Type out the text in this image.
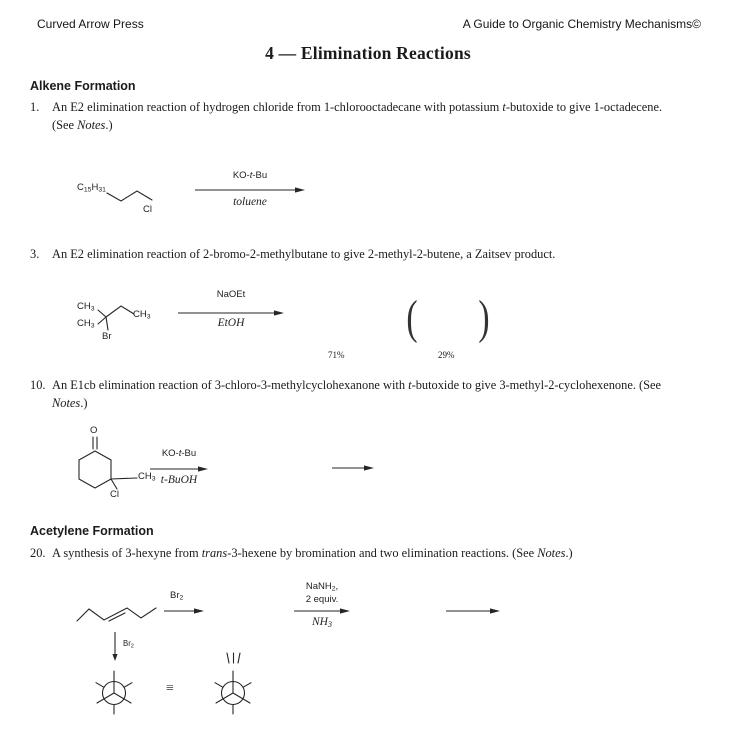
Curved Arrow Press	A Guide to Organic Chemistry Mechanisms©
4 — Elimination Reactions
Alkene Formation
1. An E2 elimination reaction of hydrogen chloride from 1-chlorooctadecane with potassium t-butoxide to give 1-octadecene.
(See Notes.)
C15H31
Cl
KO-t-Bu
toluene
3. An E2 elimination reaction of 2-bromo-2-methylbutane to give 2-methyl-2-butene, a Zaitsev product.
CH3
CH3
Br
CH3
NaOEt
EtOH
71%
( )
29%
10. An E1cb elimination reaction of 3-chloro-3-methylcyclohexanone with t-butoxide to give 3-methyl-2-cyclohexenone. (See
Notes.)
O
CH3
Cl
KO-t-Bu
t-BuOH
Acetylene Formation
20. A synthesis of 3-hexyne from trans-3-hexene by bromination and two elimination reactions. (See Notes.)
Br2
NaNH2,
2 equiv.
NH3
Br2
≡
